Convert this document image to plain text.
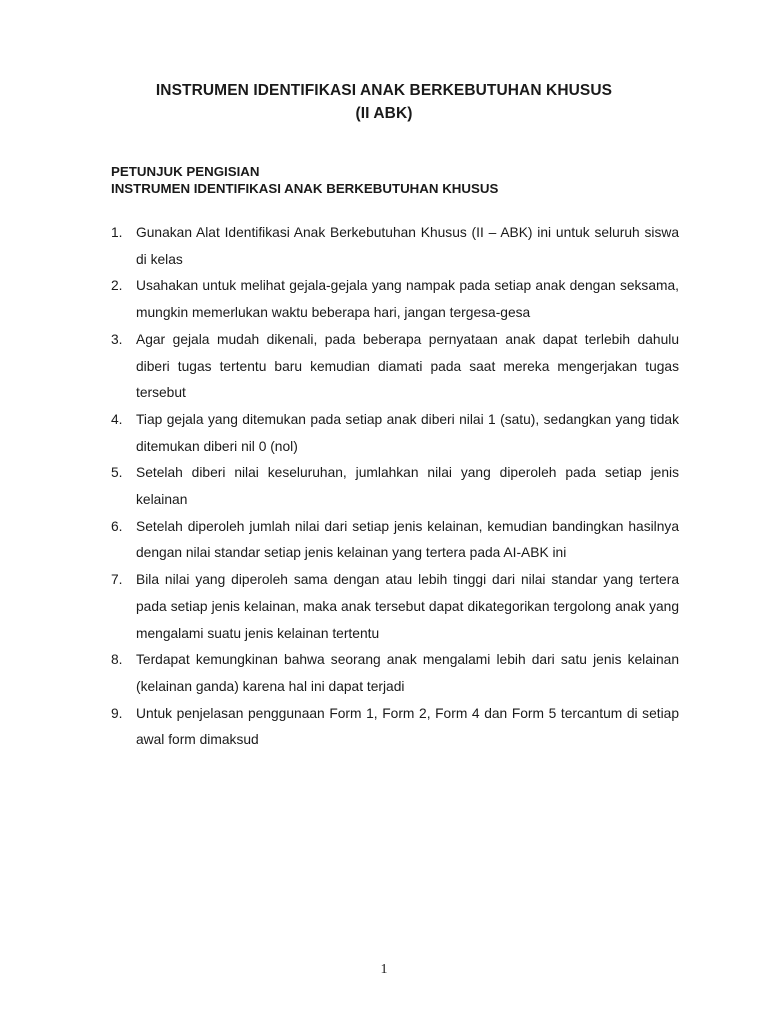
INSTRUMEN IDENTIFIKASI ANAK BERKEBUTUHAN KHUSUS
(II ABK)
PETUNJUK PENGISIAN
INSTRUMEN IDENTIFIKASI ANAK BERKEBUTUHAN KHUSUS
1. Gunakan Alat Identifikasi Anak Berkebutuhan Khusus (II – ABK) ini untuk seluruh siswa di kelas
2. Usahakan untuk melihat gejala-gejala yang nampak pada setiap anak dengan seksama, mungkin memerlukan waktu beberapa hari, jangan tergesa-gesa
3. Agar gejala mudah dikenali, pada beberapa pernyataan anak dapat terlebih dahulu diberi tugas tertentu baru kemudian diamati pada saat mereka mengerjakan tugas tersebut
4. Tiap gejala yang ditemukan pada setiap anak diberi nilai 1 (satu), sedangkan yang tidak ditemukan diberi nil 0 (nol)
5. Setelah diberi nilai keseluruhan, jumlahkan nilai yang diperoleh pada setiap jenis kelainan
6. Setelah diperoleh jumlah nilai dari setiap jenis kelainan, kemudian bandingkan hasilnya dengan nilai standar setiap jenis kelainan yang tertera pada AI-ABK ini
7. Bila nilai yang diperoleh sama dengan atau lebih tinggi dari nilai standar yang tertera pada setiap jenis kelainan, maka anak tersebut dapat dikategorikan tergolong anak yang mengalami suatu jenis kelainan tertentu
8. Terdapat kemungkinan bahwa seorang anak mengalami lebih dari satu jenis kelainan (kelainan ganda) karena hal ini dapat terjadi
9. Untuk penjelasan penggunaan Form 1, Form 2, Form 4 dan Form 5 tercantum di setiap awal form dimaksud
1
